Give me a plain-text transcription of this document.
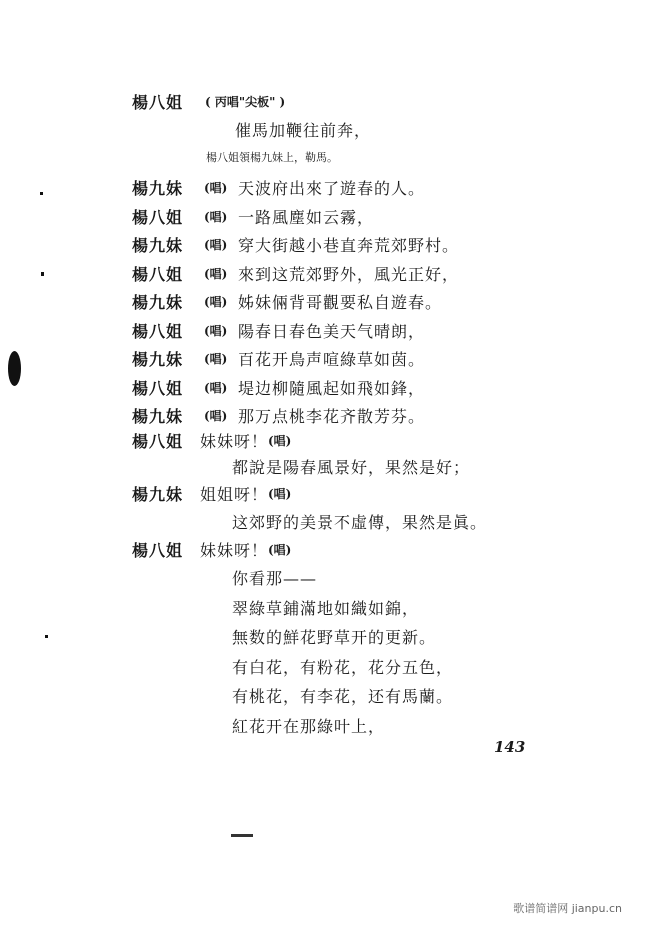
楊八姐 ( 丙唱"尖板" )
催馬加鞭往前奔，
楊八姐領楊九妹上，勒馬。
楊九妹 (唱) 天波府出來了遊春的人。
楊八姐 (唱) 一路風塵如云霧，
楊九妹 (唱) 穿大街越小巷直奔荒郊野村。
楊八姐 (唱) 來到这荒郊野外，風光正好，
楊九妹 (唱) 姊妹倆背哥觀要私自遊春。
楊八姐 (唱) 陽春日春色美天气晴朗，
楊九妹 (唱) 百花开鳥声喧綠草如茵。
楊八姐 (唱) 堤边柳隨風起如飛如鋒，
楊九妹 (唱) 那万点桃李花齐散芳芬。
楊八姐 妹妹呀！ (唱)
都說是陽春風景好，果然是好；
楊九妹 姐姐呀！ (唱)
这郊野的美景不虛傳，果然是眞。
楊八姐 妹妹呀！ (唱)
你看那——
翠綠草鋪滿地如織如錦，
無数的鮮花野草开的更新。
有白花，有粉花，花分五色，
有桃花，有李花，还有馬蘭。
紅花开在那綠叶上，
143
歌谱简谱网 jianpu.cn
